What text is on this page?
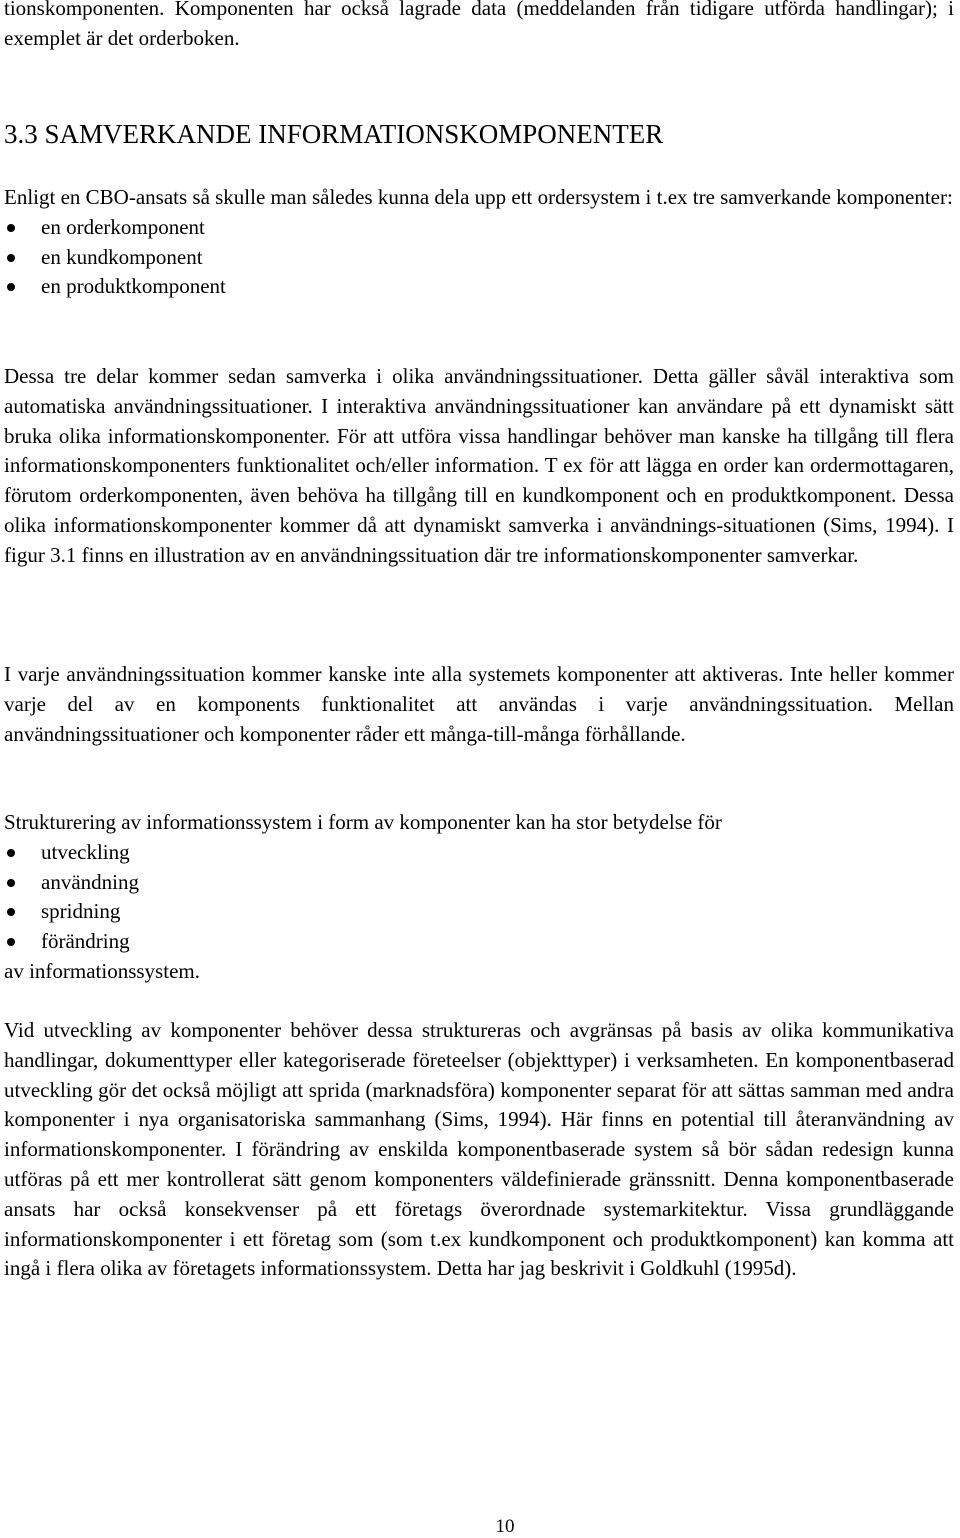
tionskomponenten. Komponenten har också lagrade data (meddelanden från tidigare utförda handlingar); i exemplet är det orderboken.

3.3 SAMVERKANDE INFORMATIONSKOMPONENTER

Enligt en CBO-ansats så skulle man således kunna dela upp ett ordersystem i t.ex tre samverkande komponenter:

en orderkomponent
en kundkomponent
en produktkomponent

Dessa tre delar kommer sedan samverka i olika användningssituationer. Detta gäller såväl interaktiva som automatiska användningssituationer. I interaktiva användningssituationer kan användare på ett dynamiskt sätt bruka olika informationskomponenter. För att utföra vissa handlingar behöver man kanske ha tillgång till flera informationskomponenters funktionalitet och/eller information. T ex för att lägga en order kan ordermottagaren, förutom orderkomponenten, även behöva ha tillgång till en kundkomponent och en produktkomponent. Dessa olika informationskomponenter kommer då att dynamiskt samverka i användnings-situationen (Sims, 1994). I figur 3.1 finns en illustration av en användningssituation där tre informationskomponenter samverkar.

I varje användningssituation kommer kanske inte alla systemets komponenter att aktiveras. Inte heller kommer varje del av en komponents funktionalitet att användas i varje användningssituation. Mellan användningssituationer och komponenter råder ett många-till-många förhållande.

Strukturering av informationssystem i form av komponenter kan ha stor betydelse för

utveckling
användning
spridning
förändring

av informationssystem.

Vid utveckling av komponenter behöver dessa struktureras och avgränsas på basis av olika kommunikativa handlingar, dokumenttyper eller kategoriserade företeelser (objekttyper) i verksamheten. En komponentbaserad utveckling gör det också möjligt att sprida (marknadsföra) komponenter separat för att sättas samman med andra komponenter i nya organisatoriska sammanhang (Sims, 1994). Här finns en potential till återanvändning av informationskomponenter. I förändring av enskilda komponentbaserade system så bör sådan redesign kunna utföras på ett mer kontrollerat sätt genom komponenters väldefinierade gränssnitt. Denna komponentbaserade ansats har också konsekvenser på ett företags överordnade systemarkitektur. Vissa grundläggande informationskomponenter i ett företag som (som t.ex kundkomponent och produktkomponent) kan komma att ingå i flera olika av företagets informationssystem. Detta har jag beskrivit i Goldkuhl (1995d).

10
